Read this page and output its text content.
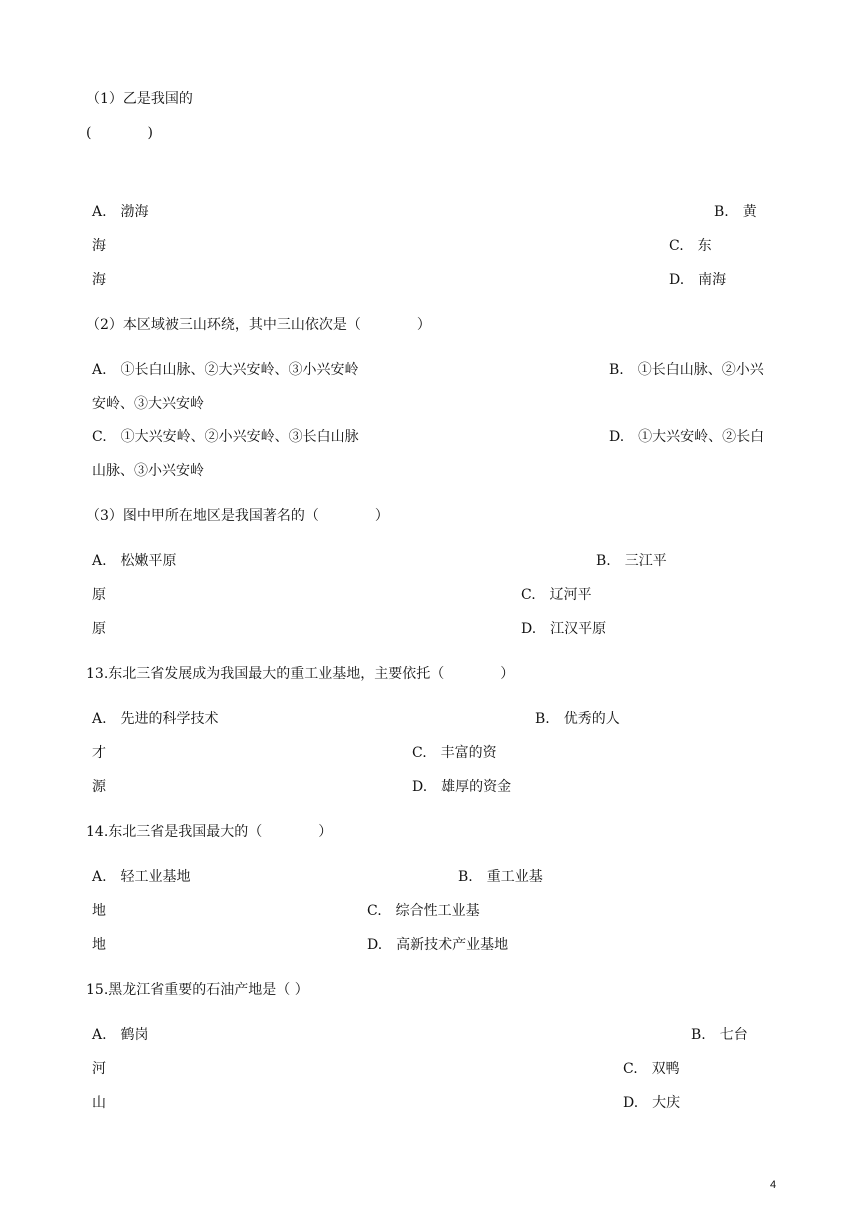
（1）乙是我国的
(　　　　)
A.　渤海	B.　黄
海	C.　东
海	D.　南海
（2）本区域被三山环绕，其中三山依次是（　　　　）
A.　①长白山脉、②大兴安岭、③小兴安岭	B.　①长白山脉、②小兴
安岭、③大兴安岭
C.　①大兴安岭、②小兴安岭、③长白山脉	D.　①大兴安岭、②长白
山脉、③小兴安岭
（3）图中甲所在地区是我国著名的（　　　　）
A.　松嫩平原	B.　三江平
原	C.　辽河平
原	D.　江汉平原
13.东北三省发展成为我国最大的重工业基地，主要依托（　　　　）
A.　先进的科学技术	B.　优秀的人
才	C.　丰富的资
源	D.　雄厚的资金
14.东北三省是我国最大的（　　　　）
A.　轻工业基地	B.　重工业基
地	C.　综合性工业基
地	D.　高新技术产业基地
15.黑龙江省重要的石油产地是（ ）
A.　鹤岗	B.　七台
河	C.　双鸭
山	D.　大庆
4
